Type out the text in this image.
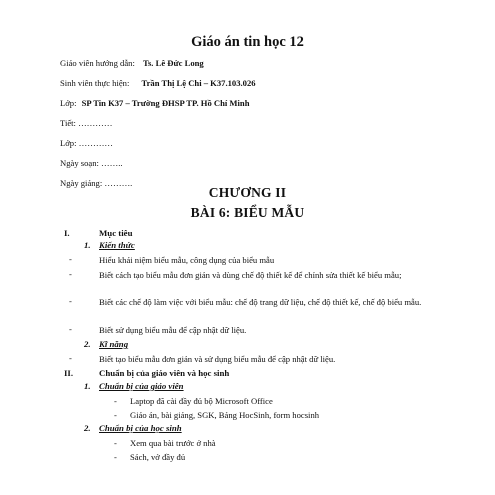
Giáo án tin học 12
Giáo viên hướng dẫn: Ts. Lê Đức Long
Sinh viên thực hiện: Trần Thị Lệ Chi – K37.103.026
Lớp: SP Tin K37 – Trường ĐHSP TP. Hồ Chí Minh
Tiết: …………
Lớp: …………
Ngày soạn: ……..
Ngày giảng: ……….
CHƯƠNG II
BÀI 6: BIỂU MẪU
I.	Mục tiêu
1. Kiến thức
-	Hiểu khái niệm biểu mẫu, công dụng của biểu mẫu
-	Biết cách tạo biểu mẫu đơn giản và dùng chế độ thiết kế để chỉnh sửa thiết kế biểu mẫu;
-	Biết các chế độ làm việc với biểu mẫu: chế độ trang dữ liệu, chế độ thiết kế, chế độ biểu mẫu.
-	Biết sử dụng biểu mẫu để cập nhật dữ liệu.
2. Kĩ năng
-	Biết tạo biểu mẫu đơn giản và sử dụng biểu mẫu để cập nhật dữ liệu.
II.	Chuẩn bị của giáo viên và học sinh
1. Chuẩn bị của giáo viên
- Laptop đã cài đầy đủ bộ Microsoft Office
- Giáo án, bài giảng, SGK, Bảng HocSinh, form hocsinh
2. Chuẩn bị của học sinh
- Xem qua bài trước ở nhà
- Sách, vở đầy đủ
